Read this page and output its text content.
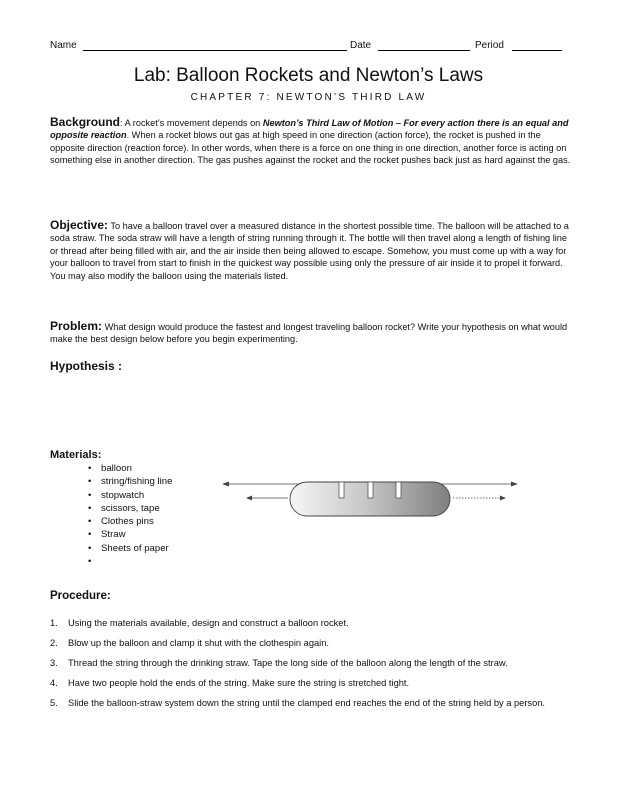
Name	Date	Period
Lab: Balloon Rockets and Newton’s Laws
CHAPTER 7: NEWTON’S THIRD LAW
Background: A rocket’s movement depends on Newton’s Third Law of Motion – For every action there is an equal and opposite reaction. When a rocket blows out gas at high speed in one direction (action force), the rocket is pushed in the opposite direction (reaction force). In other words, when there is a force on one thing in one direction, another force is acting on something else in another direction. The gas pushes against the rocket and the rocket pushes back just as hard against the gas.
Objective: To have a balloon travel over a measured distance in the shortest possible time. The balloon will be attached to a soda straw. The soda straw will have a length of string running through it. The bottle will then travel along a length of fishing line or thread after being filled with air, and the air inside then being allowed to escape. Somehow, you must come up with a way for your balloon to travel from start to finish in the quickest way possible using only the pressure of air inside it to propel it forward. You may also modify the balloon using the materials listed.
Problem: What design would produce the fastest and longest traveling balloon rocket? Write your hypothesis on what would make the best design below before you begin experimenting.
Hypothesis :
Materials:
• balloon
• string/fishing line
• stopwatch
• scissors, tape
• Clothes pins
• Straw
• Sheets of paper
•
Procedure:
1. Using the materials available, design and construct a balloon rocket.
2. Blow up the balloon and clamp it shut with the clothespin again.
3. Thread the string through the drinking straw. Tape the long side of the balloon along the length of the straw.
4. Have two people hold the ends of the string. Make sure the string is stretched tight.
5. Slide the balloon-straw system down the string until the clamped end reaches the end of the string held by a person.
